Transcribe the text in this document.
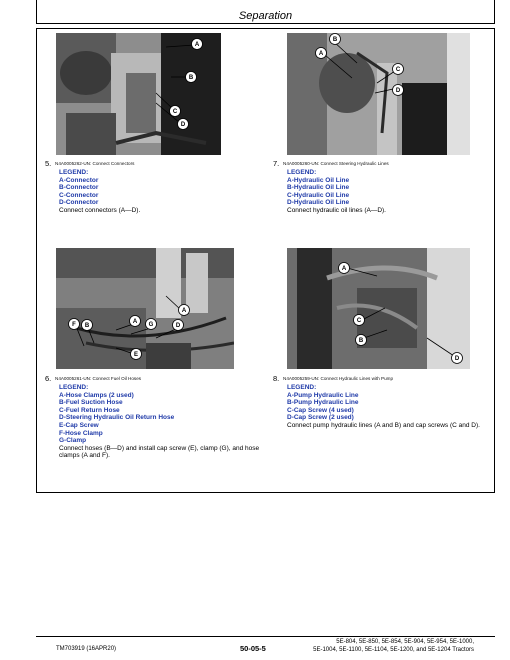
Separation
A
B
C
D
B
A
C
D
5. N4A0005262-UN: Connect Connectors
LEGEND:
A-Connector
B-Connector
C-Connector
D-Connector
Connect connectors (A—D).
7. N4A0005260-UN: Connect Steering Hydraulic Lines
LEGEND:
A-Hydraulic Oil Line
B-Hydraulic Oil Line
C-Hydraulic Oil Line
D-Hydraulic Oil Line
Connect hydraulic oil lines (A—D).
A
A G	D
E
B
F
A
C
B
D
6. N4A0005261-UN: Connect Fuel Oil Hoses
LEGEND:
A-Hose Clamps (2 used)
B-Fuel Suction Hose
C-Fuel Return Hose
D-Steering Hydraulic Oil Return Hose
E-Cap Screw
F-Hose Clamp
G-Clamp
Connect hoses (B—D) and install cap screw (E), clamp (G), and hose clamps (A and F).
8. N4A0005259-UN: Connect Hydraulic Lines with Pump
LEGEND:
A-Pump Hydraulic Line
B-Pump Hydraulic Line
C-Cap Screw (4 used)
D-Cap Screw (2 used)
Connect pump hydraulic lines (A and B) and cap screws (C and D).
TM703919 (16APR20)	50-05-5
5E-804, 5E-850, 5E-854, 5E-904, 5E-954, 5E-1000,
5E-1004, 5E-1100, 5E-1104, 5E-1200, and 5E-1204 Tractors
